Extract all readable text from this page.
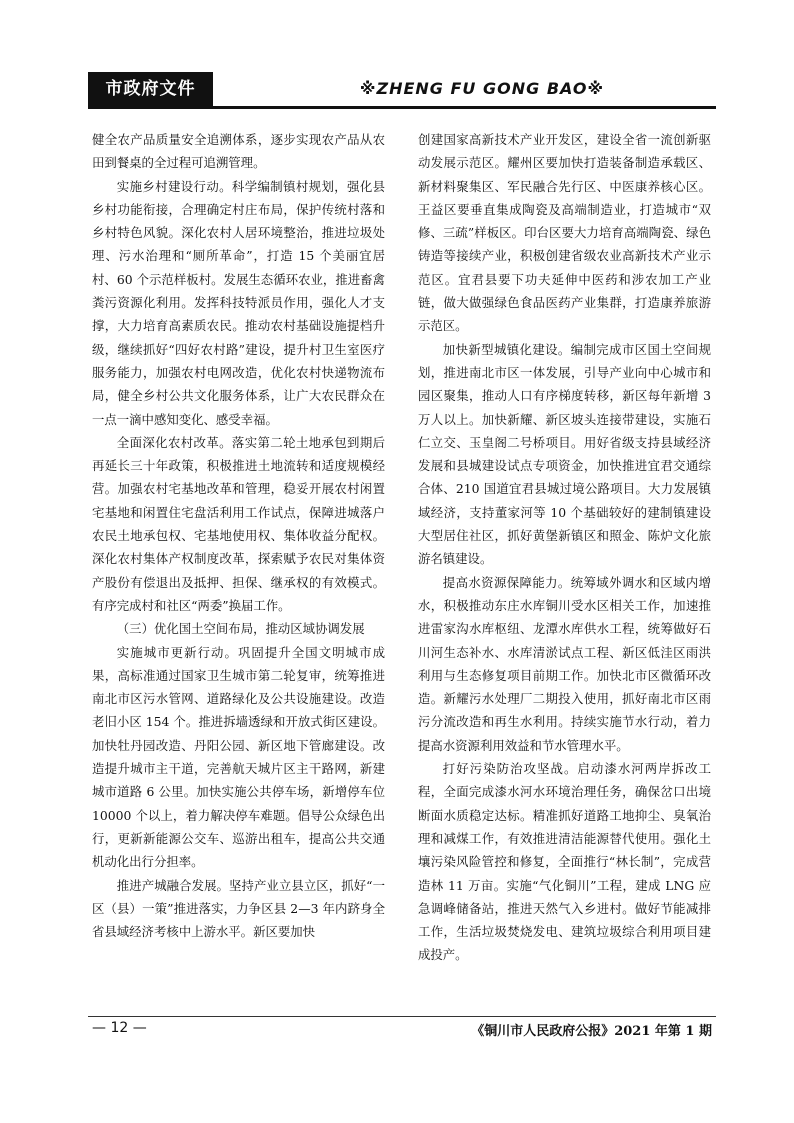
市政府文件	※ZHENG FU GONG BAO※

健全农产品质量安全追溯体系，逐步实现农产品从农田到餐桌的全过程可追溯管理。

实施乡村建设行动。科学编制镇村规划，强化县乡村功能衔接，合理确定村庄布局，保护传统村落和乡村特色风貌。深化农村人居环境整治，推进垃圾处理、污水治理和“厕所革命”，打造 15 个美丽宜居村、60 个示范样板村。发展生态循环农业，推进畜禽粪污资源化利用。发挥科技特派员作用，强化人才支撑，大力培育高素质农民。推动农村基础设施提档升级，继续抓好“四好农村路”建设，提升村卫生室医疗服务能力，加强农村电网改造，优化农村快递物流布局，健全乡村公共文化服务体系，让广大农民群众在一点一滴中感知变化、感受幸福。

全面深化农村改革。落实第二轮土地承包到期后再延长三十年政策，积极推进土地流转和适度规模经营。加强农村宅基地改革和管理，稳妥开展农村闲置宅基地和闲置住宅盘活利用工作试点，保障进城落户农民土地承包权、宅基地使用权、集体收益分配权。深化农村集体产权制度改革，探索赋予农民对集体资产股份有偿退出及抵押、担保、继承权的有效模式。有序完成村和社区“两委”换届工作。

（三）优化国土空间布局，推动区域协调发展

实施城市更新行动。巩固提升全国文明城市成果，高标准通过国家卫生城市第二轮复审，统筹推进南北市区污水管网、道路绿化及公共设施建设。改造老旧小区 154 个。推进拆墙透绿和开放式街区建设。加快牡丹园改造、丹阳公园、新区地下管廊建设。改造提升城市主干道，完善航天城片区主干路网，新建城市道路 6 公里。加快实施公共停车场，新增停车位 10000 个以上，着力解决停车难题。倡导公众绿色出行，更新新能源公交车、巡游出租车，提高公共交通机动化出行分担率。

推进产城融合发展。坚持产业立县立区，抓好“一区（县）一策”推进落实，力争区县 2—3 年内跻身全省县域经济考核中上游水平。新区要加快

创建国家高新技术产业开发区，建设全省一流创新驱动发展示范区。耀州区要加快打造装备制造承载区、新材料聚集区、军民融合先行区、中医康养核心区。王益区要垂直集成陶瓷及高端制造业，打造城市“双修、三疏”样板区。印台区要大力培育高端陶瓷、绿色铸造等接续产业，积极创建省级农业高新技术产业示范区。宜君县要下功夫延伸中医药和涉农加工产业链，做大做强绿色食品医药产业集群，打造康养旅游示范区。

加快新型城镇化建设。编制完成市区国土空间规划，推进南北市区一体发展，引导产业向中心城市和园区聚集，推动人口有序梯度转移，新区每年新增 3 万人以上。加快新耀、新区坡头连接带建设，实施石仁立交、玉皇阁二号桥项目。用好省级支持县域经济发展和县城建设试点专项资金，加快推进宜君交通综合体、210 国道宜君县城过境公路项目。大力发展镇域经济，支持董家河等 10 个基础较好的建制镇建设大型居住社区，抓好黄堡新镇区和照金、陈炉文化旅游名镇建设。

提高水资源保障能力。统筹域外调水和区域内增水，积极推动东庄水库铜川受水区相关工作，加速推进雷家沟水库枢纽、龙潭水库供水工程，统筹做好石川河生态补水、水库清淤试点工程、新区低洼区雨洪利用与生态修复项目前期工作。加快北市区微循环改造。新耀污水处理厂二期投入使用，抓好南北市区雨污分流改造和再生水利用。持续实施节水行动，着力提高水资源利用效益和节水管理水平。

打好污染防治攻坚战。启动漆水河两岸拆改工程，全面完成漆水河水环境治理任务，确保岔口出境断面水质稳定达标。精准抓好道路工地抑尘、臭氧治理和减煤工作，有效推进清洁能源替代使用。强化土壤污染风险管控和修复，全面推行“林长制”，完成营造林 11 万亩。实施“气化铜川”工程，建成 LNG 应急调峰储备站，推进天然气入乡进村。做好节能减排工作，生活垃圾焚烧发电、建筑垃圾综合利用项目建成投产。

— 12 —	《铜川市人民政府公报》2021 年第 1 期
